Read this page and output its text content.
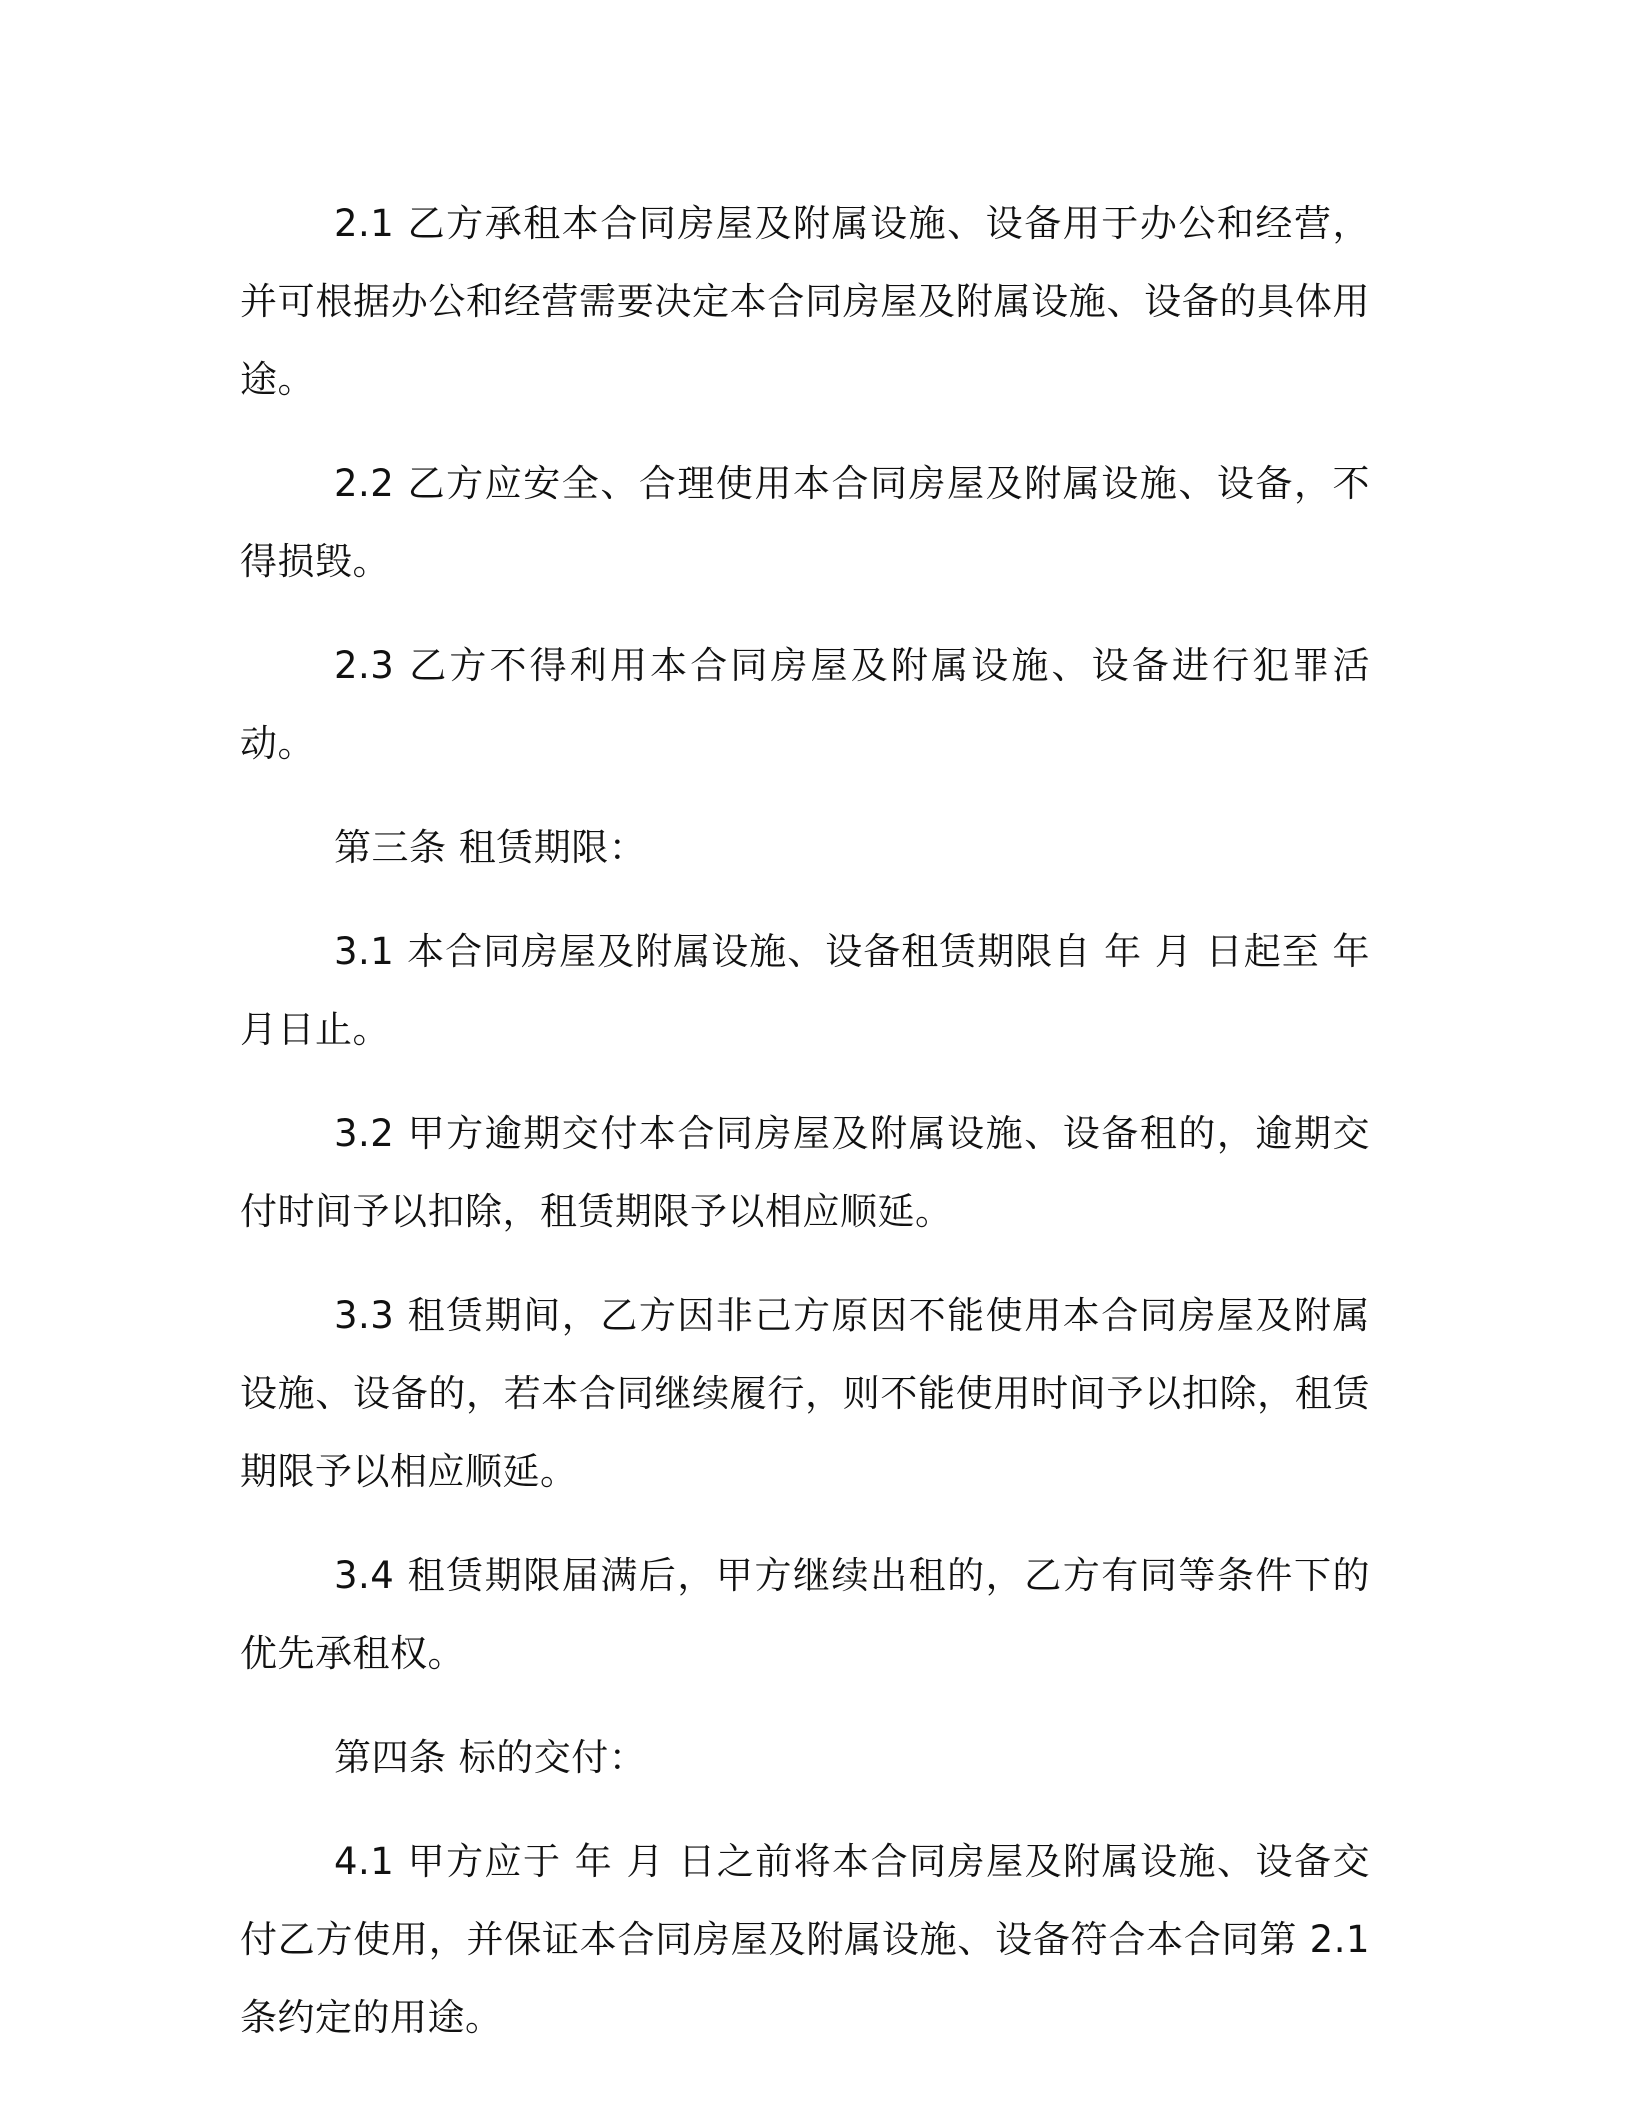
2.1 乙方承租本合同房屋及附属设施、设备用于办公和经营，并可根据办公和经营需要决定本合同房屋及附属设施、设备的具体用途。

2.2 乙方应安全、合理使用本合同房屋及附属设施、设备，不得损毁。

2.3 乙方不得利用本合同房屋及附属设施、设备进行犯罪活动。

第三条 租赁期限：

3.1 本合同房屋及附属设施、设备租赁期限自 年 月 日起至 年 月日止。

3.2 甲方逾期交付本合同房屋及附属设施、设备租的，逾期交付时间予以扣除，租赁期限予以相应顺延。

3.3 租赁期间，乙方因非己方原因不能使用本合同房屋及附属设施、设备的，若本合同继续履行，则不能使用时间予以扣除，租赁期限予以相应顺延。

3.4 租赁期限届满后，甲方继续出租的，乙方有同等条件下的优先承租权。

第四条 标的交付：

4.1 甲方应于 年 月 日之前将本合同房屋及附属设施、设备交付乙方使用，并保证本合同房屋及附属设施、设备符合本合同第 2.1 条约定的用途。
